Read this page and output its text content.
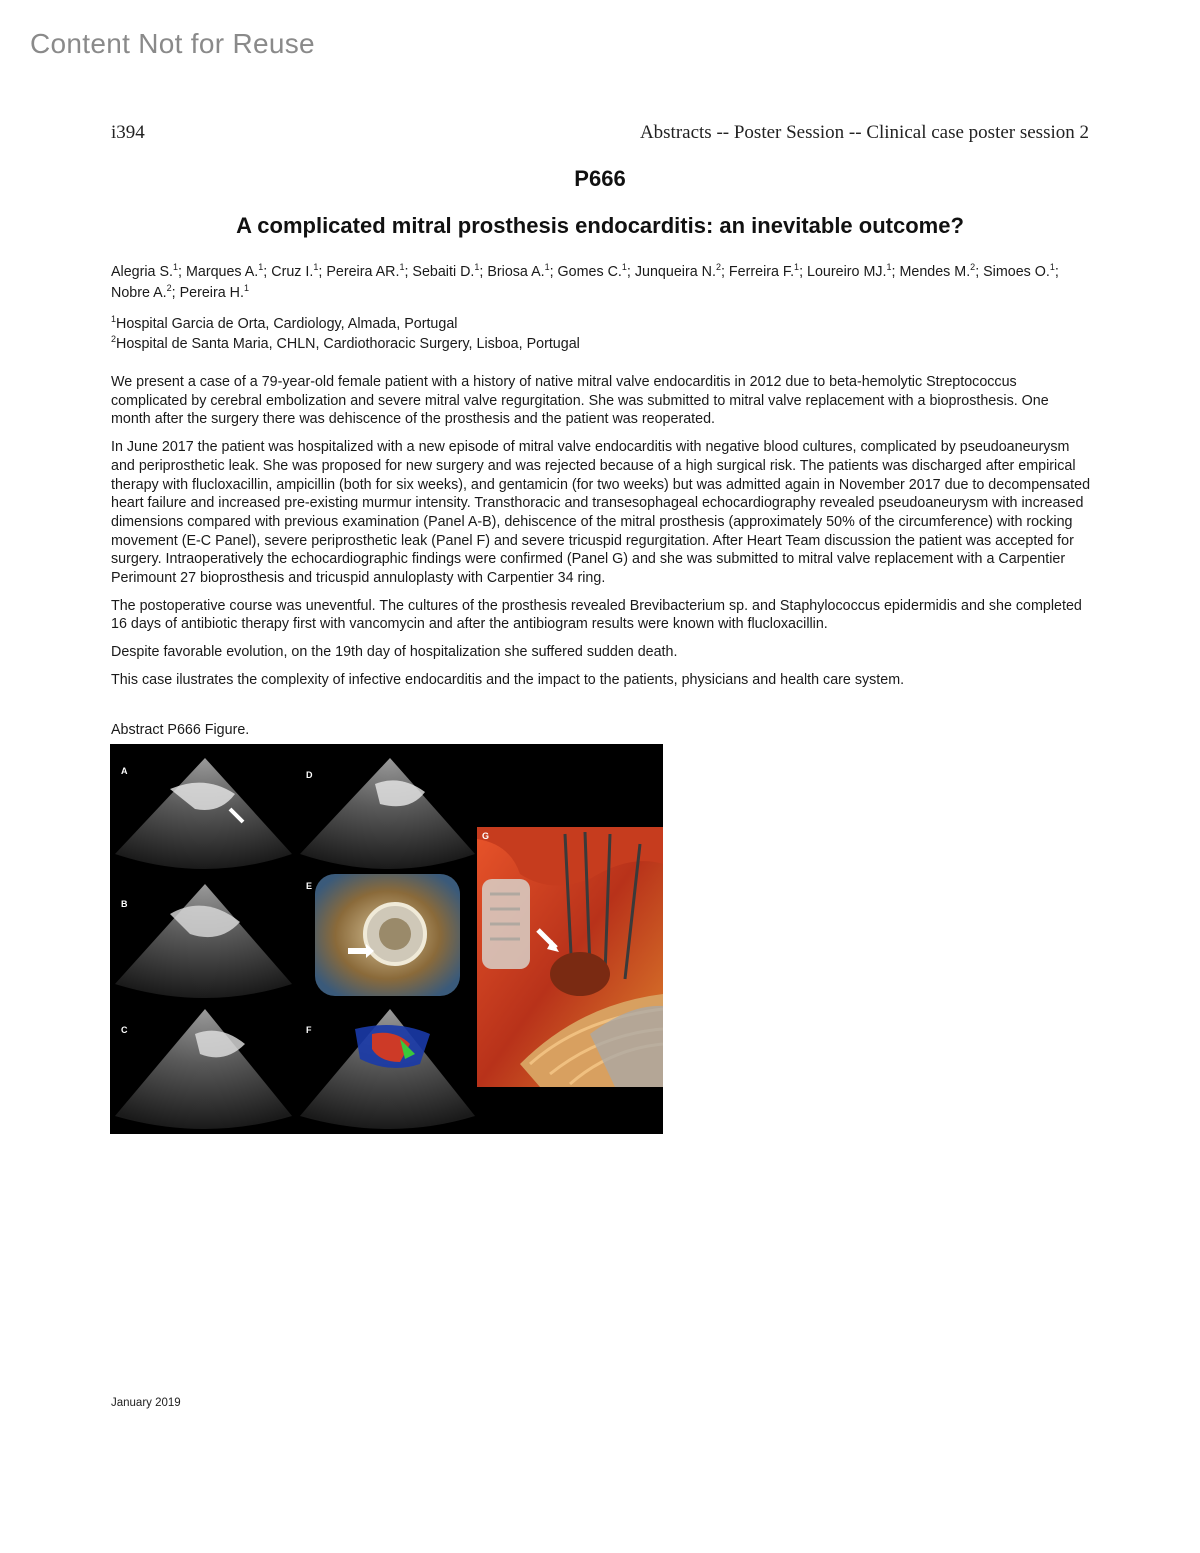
Content Not for Reuse
i394	Abstracts -- Poster Session -- Clinical case poster session 2
P666
A complicated mitral prosthesis endocarditis: an inevitable outcome?
Alegria S.$^1$; Marques A.$^1$; Cruz I.$^1$; Pereira AR.$^1$; Sebaiti D.$^1$; Briosa A.$^1$; Gomes C.$^1$; Junqueira N.$^2$; Ferreira F.$^1$; Loureiro MJ.$^1$; Mendes M.$^2$; Simoes O.$^1$; Nobre A.$^2$; Pereira H.$^1$
$^1$Hospital Garcia de Orta, Cardiology, Almada, Portugal
$^2$Hospital de Santa Maria, CHLN, Cardiothoracic Surgery, Lisboa, Portugal

We present a case of a 79-year-old female patient with a history of native mitral valve endocarditis in 2012 due to beta-hemolytic Streptococcus complicated by cerebral embolization and severe mitral valve regurgitation. She was submitted to mitral valve replacement with a bioprosthesis. One month after the surgery there was dehiscence of the prosthesis and the patient was reoperated.

In June 2017 the patient was hospitalized with a new episode of mitral valve endocarditis with negative blood cultures, complicated by pseudoaneurysm and periprosthetic leak. She was proposed for new surgery and was rejected because of a high surgical risk. The patients was discharged after empirical therapy with flucloxacillin, ampicillin (both for six weeks), and gentamicin (for two weeks) but was admitted again in November 2017 due to decompensated heart failure and increased pre-existing murmur intensity. Transthoracic and transesophageal echocardiography revealed pseudoaneurysm with increased dimensions compared with previous examination (Panel A-B), dehiscence of the mitral prosthesis (approximately 50% of the circumference) with rocking movement (E-C Panel), severe periprosthetic leak (Panel F) and severe tricuspid regurgitation. After Heart Team discussion the patient was accepted for surgery. Intraoperatively the echocardiographic findings were confirmed (Panel G) and she was submitted to mitral valve replacement with a Carpentier Perimount 27 bioprosthesis and tricuspid annuloplasty with Carpentier 34 ring.

The postoperative course was uneventful. The cultures of the prosthesis revealed Brevibacterium sp. and Staphylococcus epidermidis and she completed 16 days of antibiotic therapy first with vancomycin and after the antibiogram results were known with flucloxacillin.

Despite favorable evolution, on the 19th day of hospitalization she suffered sudden death.

This case ilustrates the complexity of infective endocarditis and the impact to the patients, physicians and health care system.

Abstract P666 Figure.
A
B
C
D
E
F
G
January 2019
